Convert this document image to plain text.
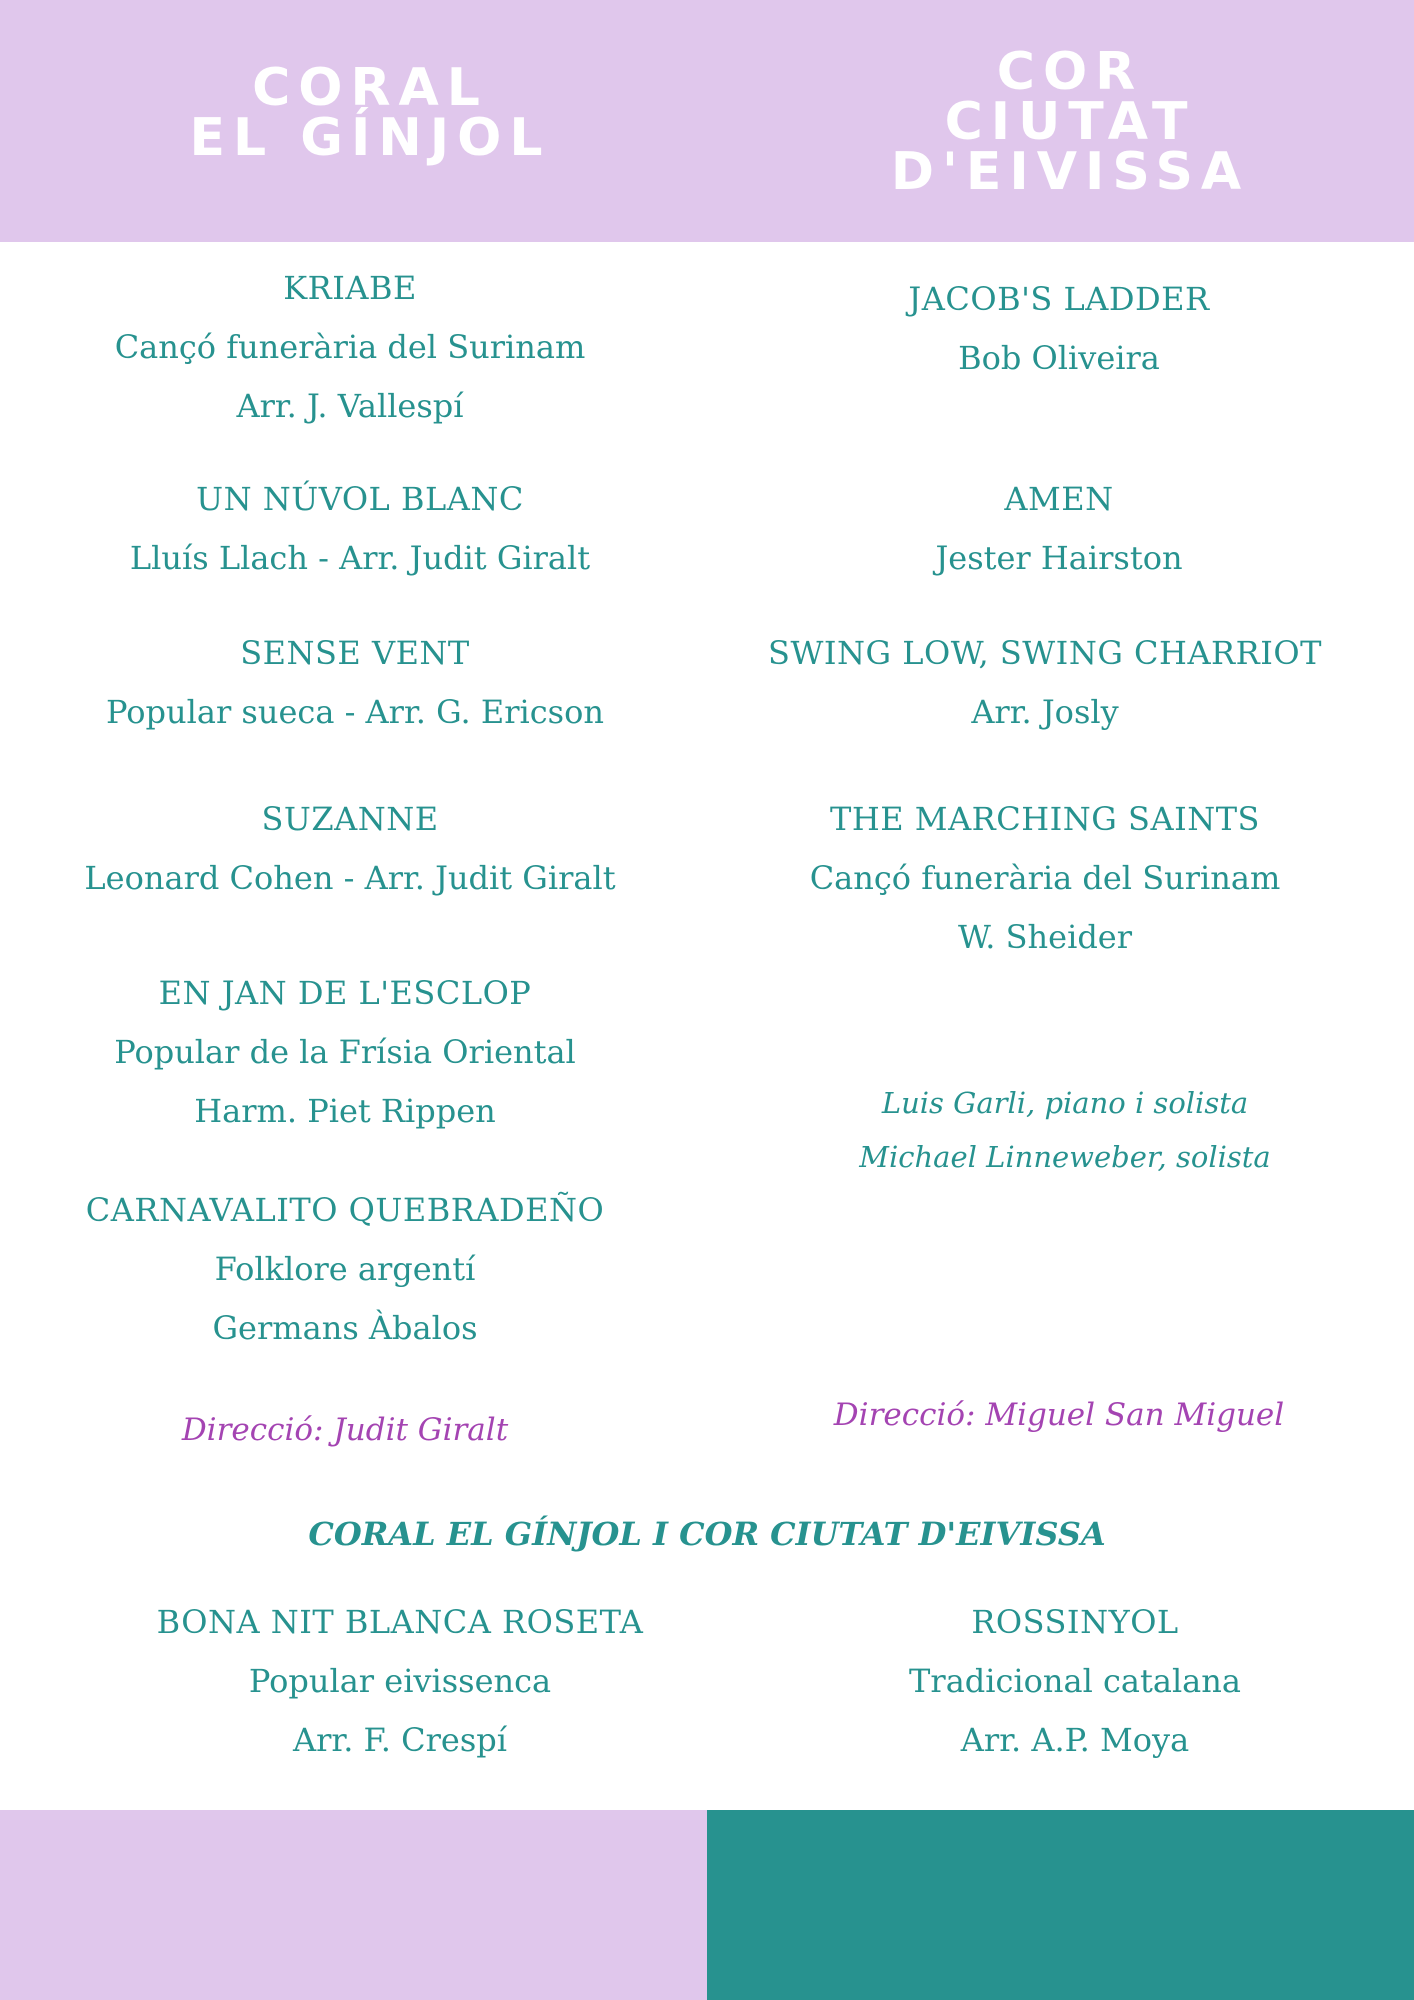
CORAL
EL GÍNJOL
COR
CIUTAT
D'EIVISSA
KRIABE
Cançó funerària del Surinam
Arr. J. Vallespí
UN NÚVOL BLANC
Lluís Llach - Arr. Judit Giralt
SENSE VENT
Popular sueca - Arr. G. Ericson
SUZANNE
Leonard Cohen - Arr. Judit Giralt
EN JAN DE L'ESCLOP
Popular de la Frísia Oriental
Harm. Piet Rippen
CARNAVALITO QUEBRADEÑO
Folklore argentí
Germans Àbalos
Direcció: Judit Giralt
JACOB'S LADDER
Bob Oliveira
AMEN
Jester Hairston
SWING LOW, SWING CHARRIOT
Arr. Josly
THE MARCHING SAINTS
Cançó funerària del Surinam
W. Sheider
Luis Garli, piano i solista
Michael Linneweber, solista
Direcció: Miguel San Miguel
CORAL EL GÍNJOL I COR CIUTAT D'EIVISSA
BONA NIT BLANCA ROSETA
Popular eivissenca
Arr. F. Crespí
ROSSINYOL
Tradicional catalana
Arr. A.P. Moya
